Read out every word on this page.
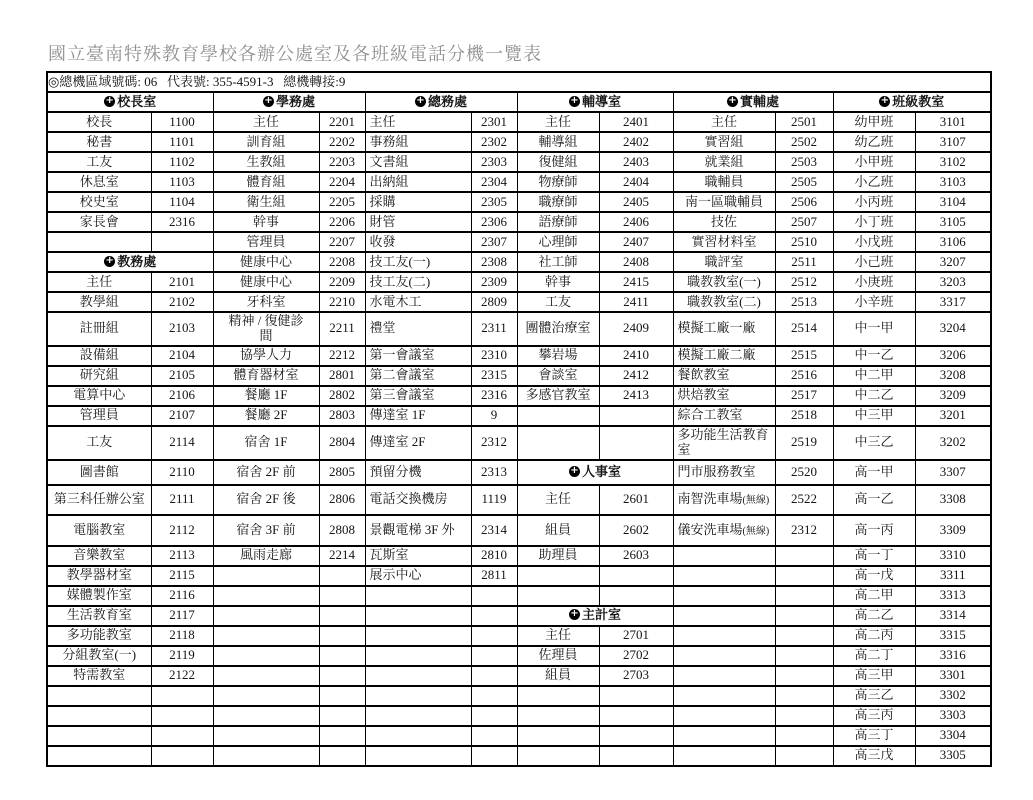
國立臺南特殊教育學校各辦公處室及各班級電話分機一覽表
◎總機區域號碼: 06   代表號: 355-4591-3   總機轉接:9											
+校長室	+學務處	+總務處	+輔導室	+實輔處	+班級教室
校長	1100	主任	2201	主任	2301	主任	2401	主任	2501	幼甲班	3101
秘書	1101	訓育組	2202	事務組	2302	輔導組	2402	實習組	2502	幼乙班	3107
工友	1102	生教組	2203	文書組	2303	復健組	2403	就業組	2503	小甲班	3102
休息室	1103	體育組	2204	出納組	2304	物療師	2404	職輔員	2505	小乙班	3103
校史室	1104	衛生組	2205	採購	2305	職療師	2405	南一區職輔員	2506	小丙班	3104
家長會	2316	幹事	2206	財管	2306	語療師	2406	技佐	2507	小丁班	3105
		管理員	2207	收發	2307	心理師	2407	實習材料室	2510	小戊班	3106
+教務處		健康中心	2208	技工友(一)	2308	社工師	2408	職評室	2511	小己班	3207
主任	2101	健康中心	2209	技工友(二)	2309	幹事	2415	職教教室(一)	2512	小庚班	3203
教學組	2102	牙科室	2210	水電木工	2809	工友	2411	職教教室(二)	2513	小辛班	3317
註冊組	2103	精神 / 復健診間	2211	禮堂	2311	團體治療室	2409	模擬工廠一廠	2514	中一甲	3204
設備組	2104	協學人力	2212	第一會議室	2310	攀岩場	2410	模擬工廠二廠	2515	中一乙	3206
研究組	2105	體育器材室	2801	第二會議室	2315	會談室	2412	餐飲教室	2516	中二甲	3208
電算中心	2106	餐廳 1F	2802	第三會議室	2316	多感官教室	2413	烘焙教室	2517	中二乙	3209
管理員	2107	餐廳 2F	2803	傳達室 1F	9			綜合工教室	2518	中三甲	3201
工友	2114	宿舍 1F	2804	傳達室 2F	2312			多功能生活教育室	2519	中三乙	3202
圖書館	2110	宿舍 2F 前	2805	預留分機	2313	+人事室		門市服務教室	2520	高一甲	3307
第三科任辦公室	2111	宿舍 2F 後	2806	電話交換機房	1119	主任	2601	南智洗車場(無線)	2522	高一乙	3308
電腦教室	2112	宿舍 3F 前	2808	景觀電梯 3F 外	2314	組員	2602	儀安洗車場(無線)	2312	高一丙	3309
音樂教室	2113	風雨走廊	2214	瓦斯室	2810	助理員	2603			高一丁	3310
教學器材室	2115			展示中心	2811					高一戊	3311
媒體製作室	2116									高二甲	3313
生活教育室	2117					+主計室				高二乙	3314
多功能教室	2118					主任	2701			高二丙	3315
分組教室(一)	2119					佐理員	2702			高二丁	3316
特需教室	2122					組員	2703			高三甲	3301
										高三乙	3302
										高三丙	3303
										高三丁	3304
										高三戊	3305
